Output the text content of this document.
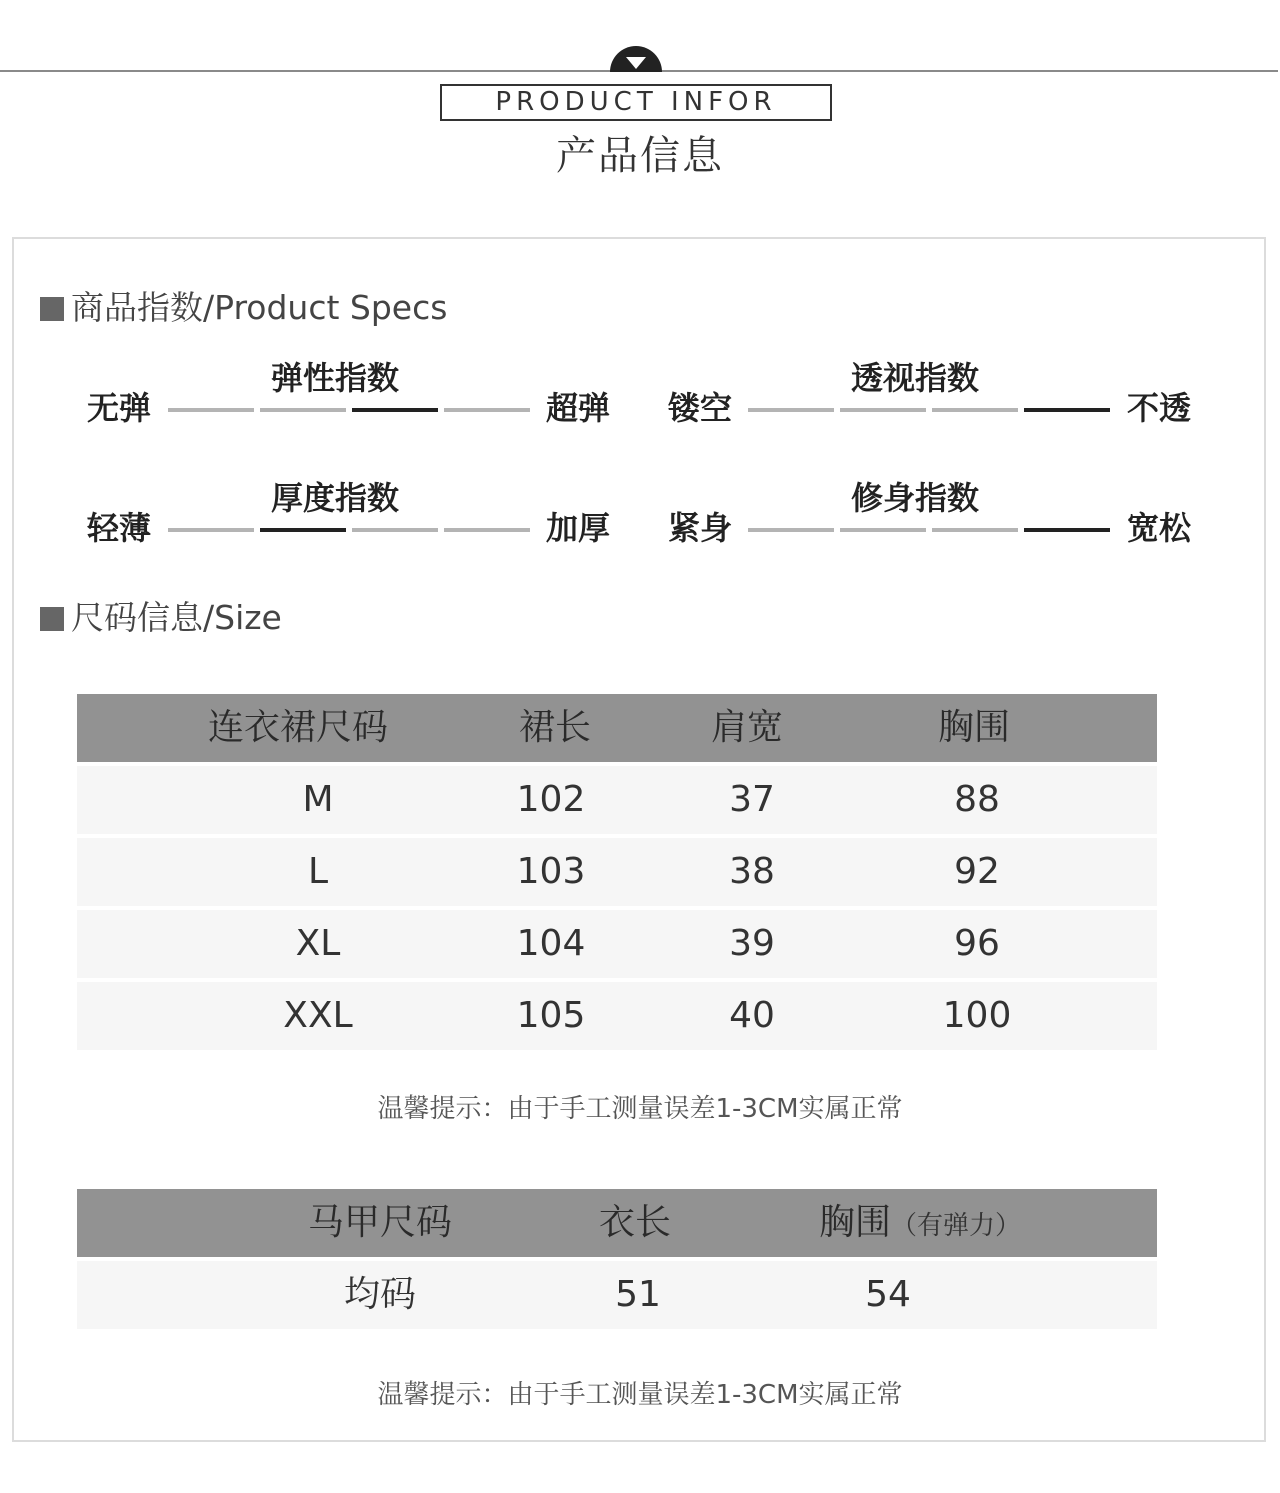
PRODUCT INFOR
产品信息
商品指数/Product Specs
弹性指数
无弹	超弹
透视指数
镂空	不透
厚度指数
轻薄	加厚
修身指数
紧身	宽松
尺码信息/Size
连衣裙尺码	裙长	肩宽	胸围
M	102	37	88
L	103	38	92
XL	104	39	96
XXL	105	40	100
温馨提示：由于手工测量误差1-3CM实属正常
马甲尺码	衣长	胸围（有弹力）
均码	51	54
温馨提示：由于手工测量误差1-3CM实属正常
